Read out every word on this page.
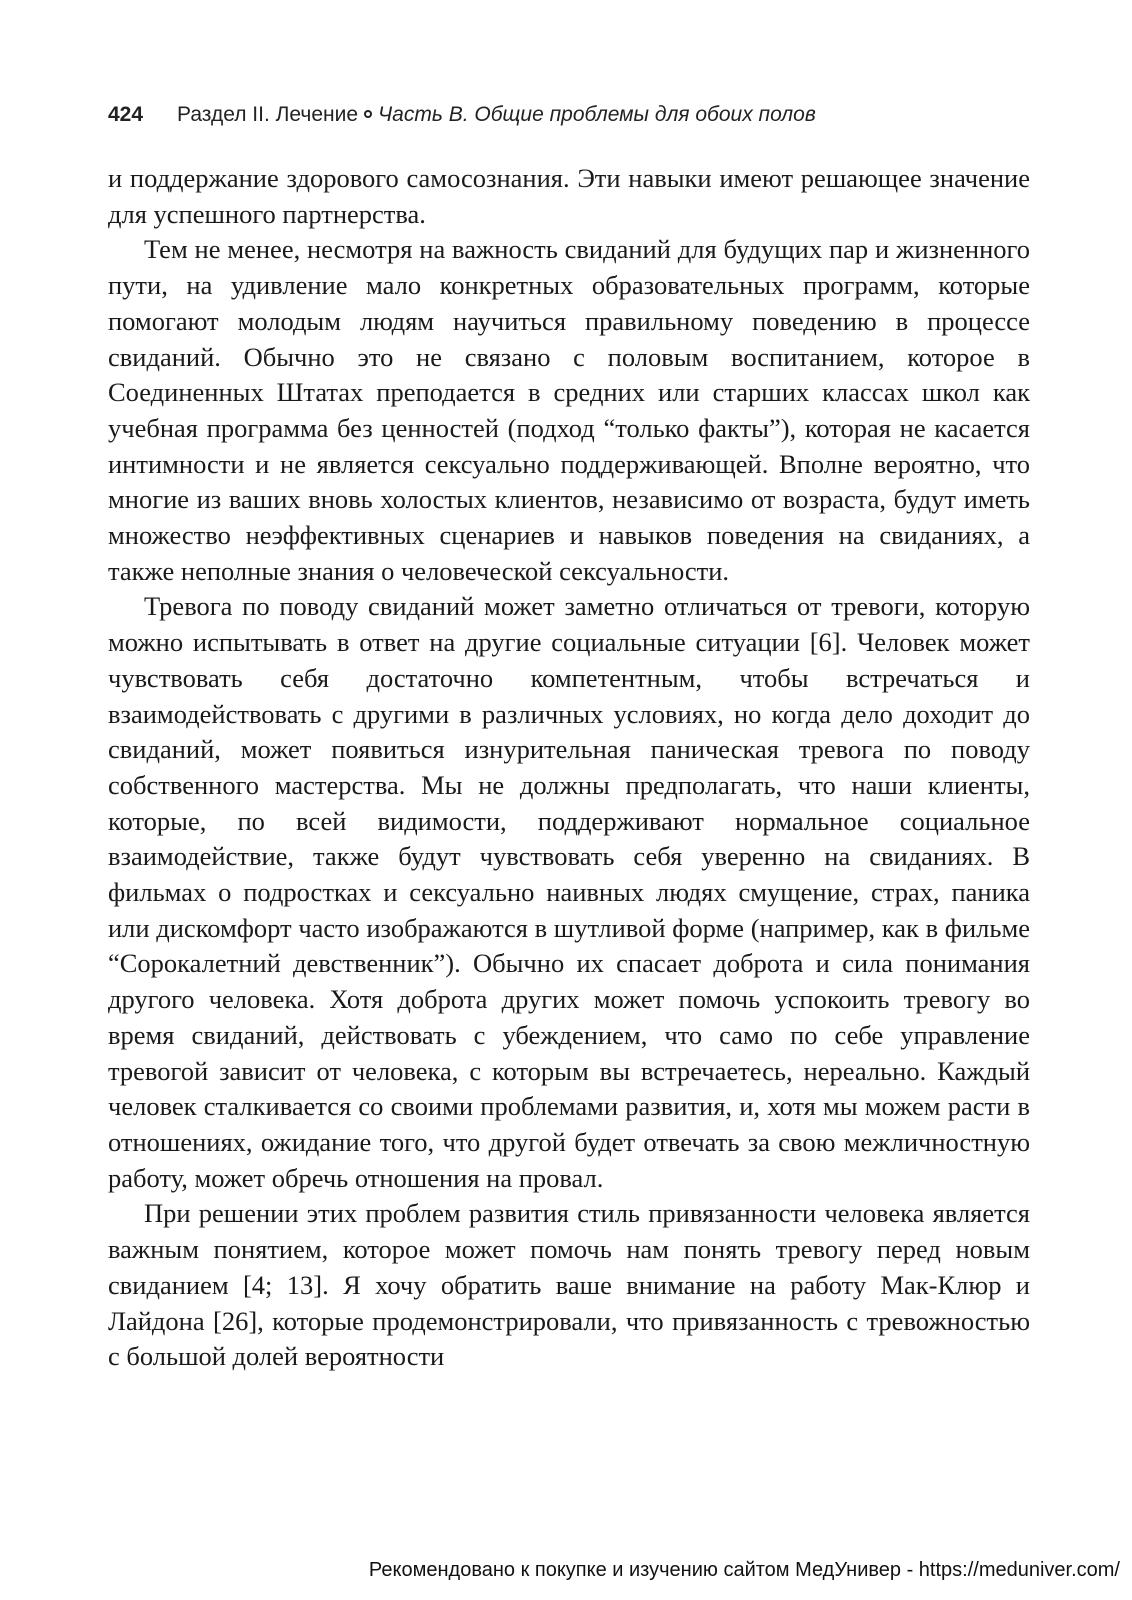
424 Раздел II. Лечение Часть В. Общие проблемы для обоих полов

и поддержание здорового самосознания. Эти навыки имеют решающее значение для успешного партнерства.

Тем не менее, несмотря на важность свиданий для будущих пар и жизненного пути, на удивление мало конкретных образовательных программ, которые помогают молодым людям научиться правильному поведению в процессе свиданий. Обычно это не связано с половым воспитанием, которое в Соединенных Штатах преподается в средних или старших классах школ как учебная программа без ценностей (подход “только факты”), которая не касается интимности и не является сексуально поддерживающей. Вполне вероятно, что многие из ваших вновь холостых клиентов, независимо от возраста, будут иметь множество неэффективных сценариев и навыков поведения на свиданиях, а также неполные знания о человеческой сексуальности.

Тревога по поводу свиданий может заметно отличаться от тревоги, которую можно испытывать в ответ на другие социальные ситуации [6]. Человек может чувствовать себя достаточно компетентным, чтобы встречаться и взаимодействовать с другими в различных условиях, но когда дело доходит до свиданий, может появиться изнурительная паническая тревога по поводу собственного мастерства. Мы не должны предполагать, что наши клиенты, которые, по всей видимости, поддерживают нормальное социальное взаимодействие, также будут чувствовать себя уверенно на свиданиях. В фильмах о подростках и сексуально наивных людях смущение, страх, паника или дискомфорт часто изображаются в шутливой форме (например, как в фильме “Сорокалетний девственник”). Обычно их спасает доброта и сила понимания другого человека. Хотя доброта других может помочь успокоить тревогу во время свиданий, действовать с убеждением, что само по себе управление тревогой зависит от человека, с которым вы встречаетесь, нереально. Каждый человек сталкивается со своими проблемами развития, и, хотя мы можем расти в отношениях, ожидание того, что другой будет отвечать за свою межличностную работу, может обречь отношения на провал.

При решении этих проблем развития стиль привязанности человека является важным понятием, которое может помочь нам понять тревогу перед новым свиданием [4; 13]. Я хочу обратить ваше внимание на работу Мак-Клюр и Лайдона [26], которые продемонстрировали, что привязанность с тревожностью с большой долей вероятности

Рекомендовано к покупке и изучению сайтом МедУнивер - https://meduniver.com/
